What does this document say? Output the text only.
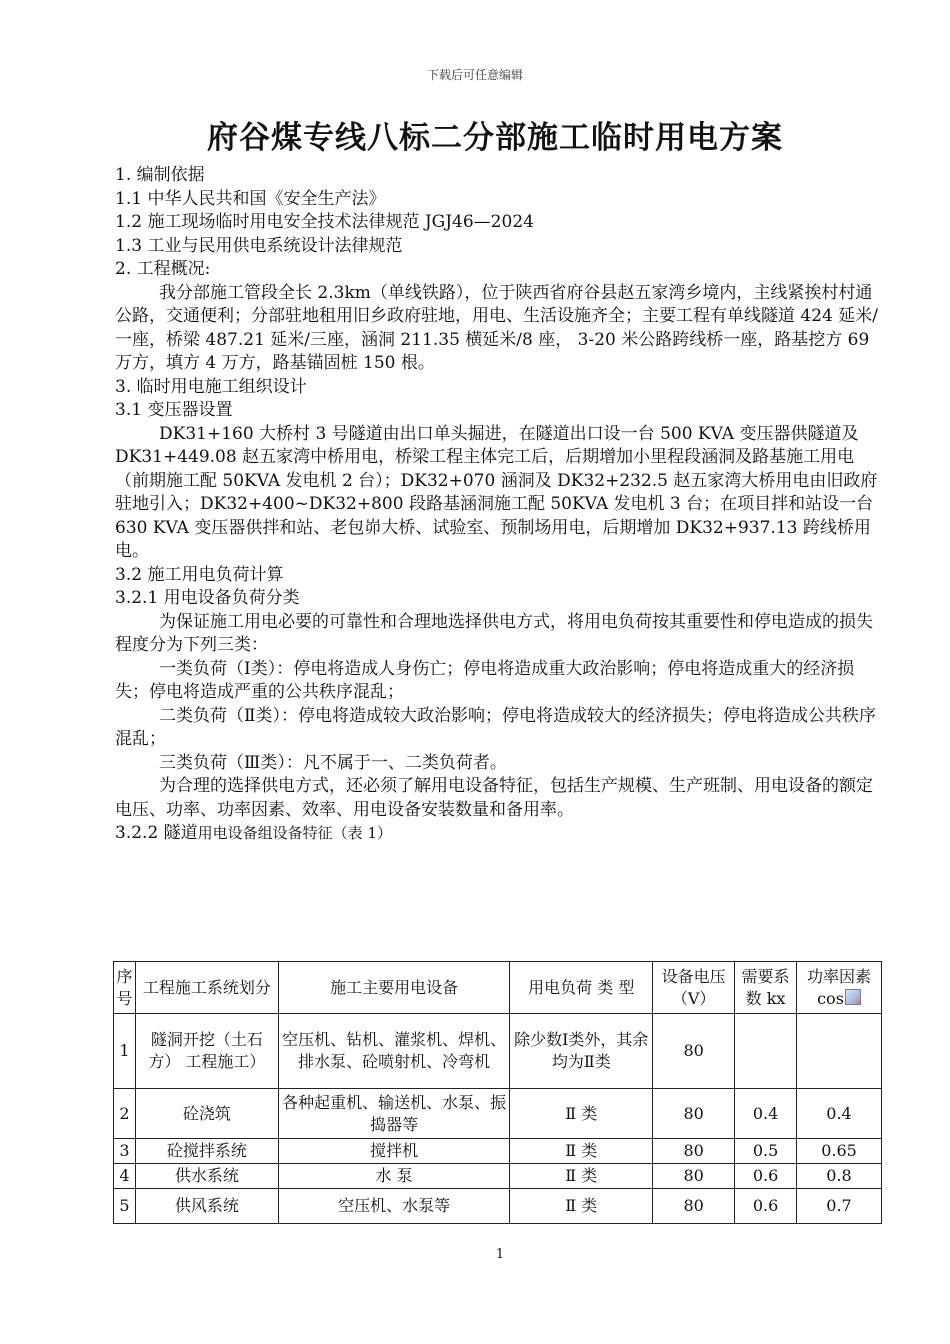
下载后可任意编辑
府谷煤专线八标二分部施工临时用电方案

1. 编制依据

1.1 中华人民共和国《安全生产法》

1.2 施工现场临时用电安全技术法律规范 JGJ46—2024

1.3 工业与民用供电系统设计法律规范

2. 工程概况:

我分部施工管段全长 2.3km（单线铁路），位于陕西省府谷县赵五家湾乡境内，主线紧挨村村通公路，交通便利；分部驻地租用旧乡政府驻地，用电、生活设施齐全；主要工程有单线隧道 424 延米/一座，桥梁 487.21 延米/三座，涵洞 211.35 横延米/8 座， 3-20 米公路跨线桥一座，路基挖方 69 万方，填方 4 万方，路基锚固桩 150 根。

3. 临时用电施工组织设计

3.1 变压器设置

DK31+160 大桥村 3 号隧道由出口单头掘进，在隧道出口设一台 500 KVA 变压器供隧道及 DK31+449.08 赵五家湾中桥用电，桥梁工程主体完工后，后期增加小里程段涵洞及路基施工用电（前期施工配 50KVA 发电机 2 台）；DK32+070 涵洞及 DK32+232.5 赵五家湾大桥用电由旧政府驻地引入；DK32+400~DK32+800 段路基涵洞施工配 50KVA 发电机 3 台；在项目拌和站设一台 630 KVA 变压器供拌和站、老包峁大桥、试验室、预制场用电，后期增加 DK32+937.13 跨线桥用电。

3.2 施工用电负荷计算

3.2.1 用电设备负荷分类

为保证施工用电必要的可靠性和合理地选择供电方式，将用电负荷按其重要性和停电造成的损失程度分为下列三类：

一类负荷（Ⅰ类）：停电将造成人身伤亡；停电将造成重大政治影响；停电将造成重大的经济损失；停电将造成严重的公共秩序混乱；

二类负荷（Ⅱ类）：停电将造成较大政治影响；停电将造成较大的经济损失；停电将造成公共秩序混乱；

三类负荷（Ⅲ类）：凡不属于一、二类负荷者。

为合理的选择供电方式，还必须了解用电设备特征，包括生产规模、生产班制、用电设备的额定电压、功率、功率因素、效率、用电设备安装数量和备用率。

3.2.2 隧道用电设备组设备特征（表 1）

序号	工程施工系统划分	施工主要用电设备	用电负荷 类 型	设备电压（V）	需要系数 kx	功率因素 cos
1	隧洞开挖（土石方） 工程施工）	空压机、钻机、灌浆机、焊机、排水泵、砼喷射机、冷弯机	除少数Ⅰ类外，其余均为Ⅱ类	80		
2	砼浇筑	各种起重机、输送机、水泵、振捣器等	Ⅱ 类	80	0.4	0.4
3	砼搅拌系统	搅拌机	Ⅱ 类	80	0.5	0.65
4	供水系统	水 泵	Ⅱ 类	80	0.6	0.8
5	供风系统	空压机、水泵等	Ⅱ 类	80	0.6	0.7
1
